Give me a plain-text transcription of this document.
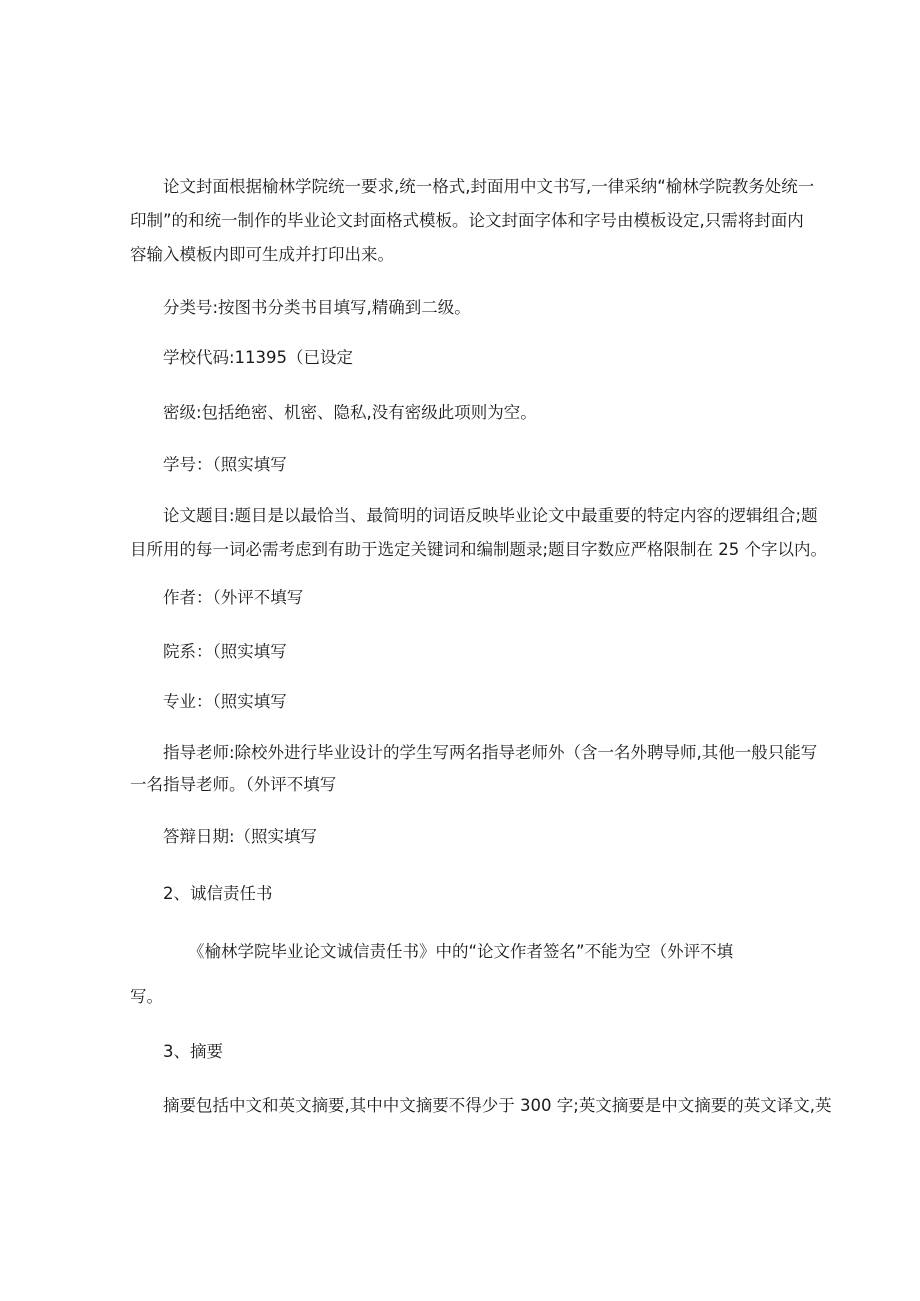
论文封面根据榆林学院统一要求,统一格式,封面用中文书写,一律采纳“榆林学院教务处统一

印制”的和统一制作的毕业论文封面格式模板。论文封面字体和字号由模板设定,只需将封面内

容输入模板内即可生成并打印出来。

分类号:按图书分类书目填写,精确到二级。

学校代码:11395（已设定

密级:包括绝密、机密、隐私,没有密级此项则为空。

学号：（照实填写

论文题目:题目是以最恰当、最简明的词语反映毕业论文中最重要的特定内容的逻辑组合;题

目所用的每一词必需考虑到有助于选定关键词和编制题录;题目字数应严格限制在 25 个字以内。

作者：（外评不填写

院系：（照实填写

专业：（照实填写

指导老师:除校外进行毕业设计的学生写两名指导老师外（含一名外聘导师,其他一般只能写

一名指导老师。（外评不填写

答辩日期:（照实填写

2、诚信责任书

《榆林学院毕业论文诚信责任书》中的“论文作者签名”不能为空（外评不填

写。

3、摘要

摘要包括中文和英文摘要,其中中文摘要不得少于 300 字;英文摘要是中文摘要的英文译文,英
